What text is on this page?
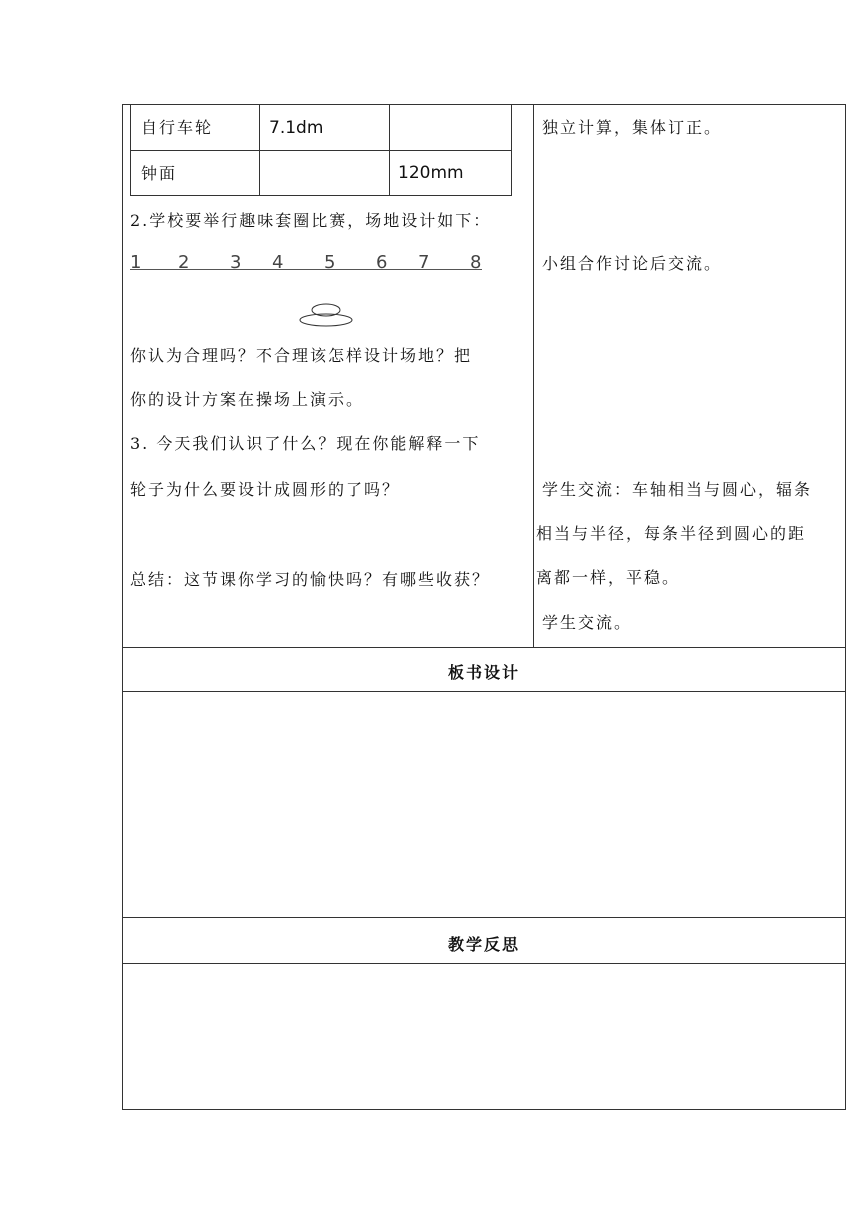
自行车轮	7.1dm
钟面	120mm
2.学校要举行趣味套圈比赛，场地设计如下：
1 2 3 4 5 6 7 8
你认为合理吗？不合理该怎样设计场地？把
你的设计方案在操场上演示。
3. 今天我们认识了什么？现在你能解释一下
轮子为什么要设计成圆形的了吗？
总结：这节课你学习的愉快吗？有哪些收获？
独立计算，集体订正。
小组合作讨论后交流。
学生交流：车轴相当与圆心，辐条
相当与半径，每条半径到圆心的距
离都一样，平稳。
学生交流。
板书设计
教学反思
